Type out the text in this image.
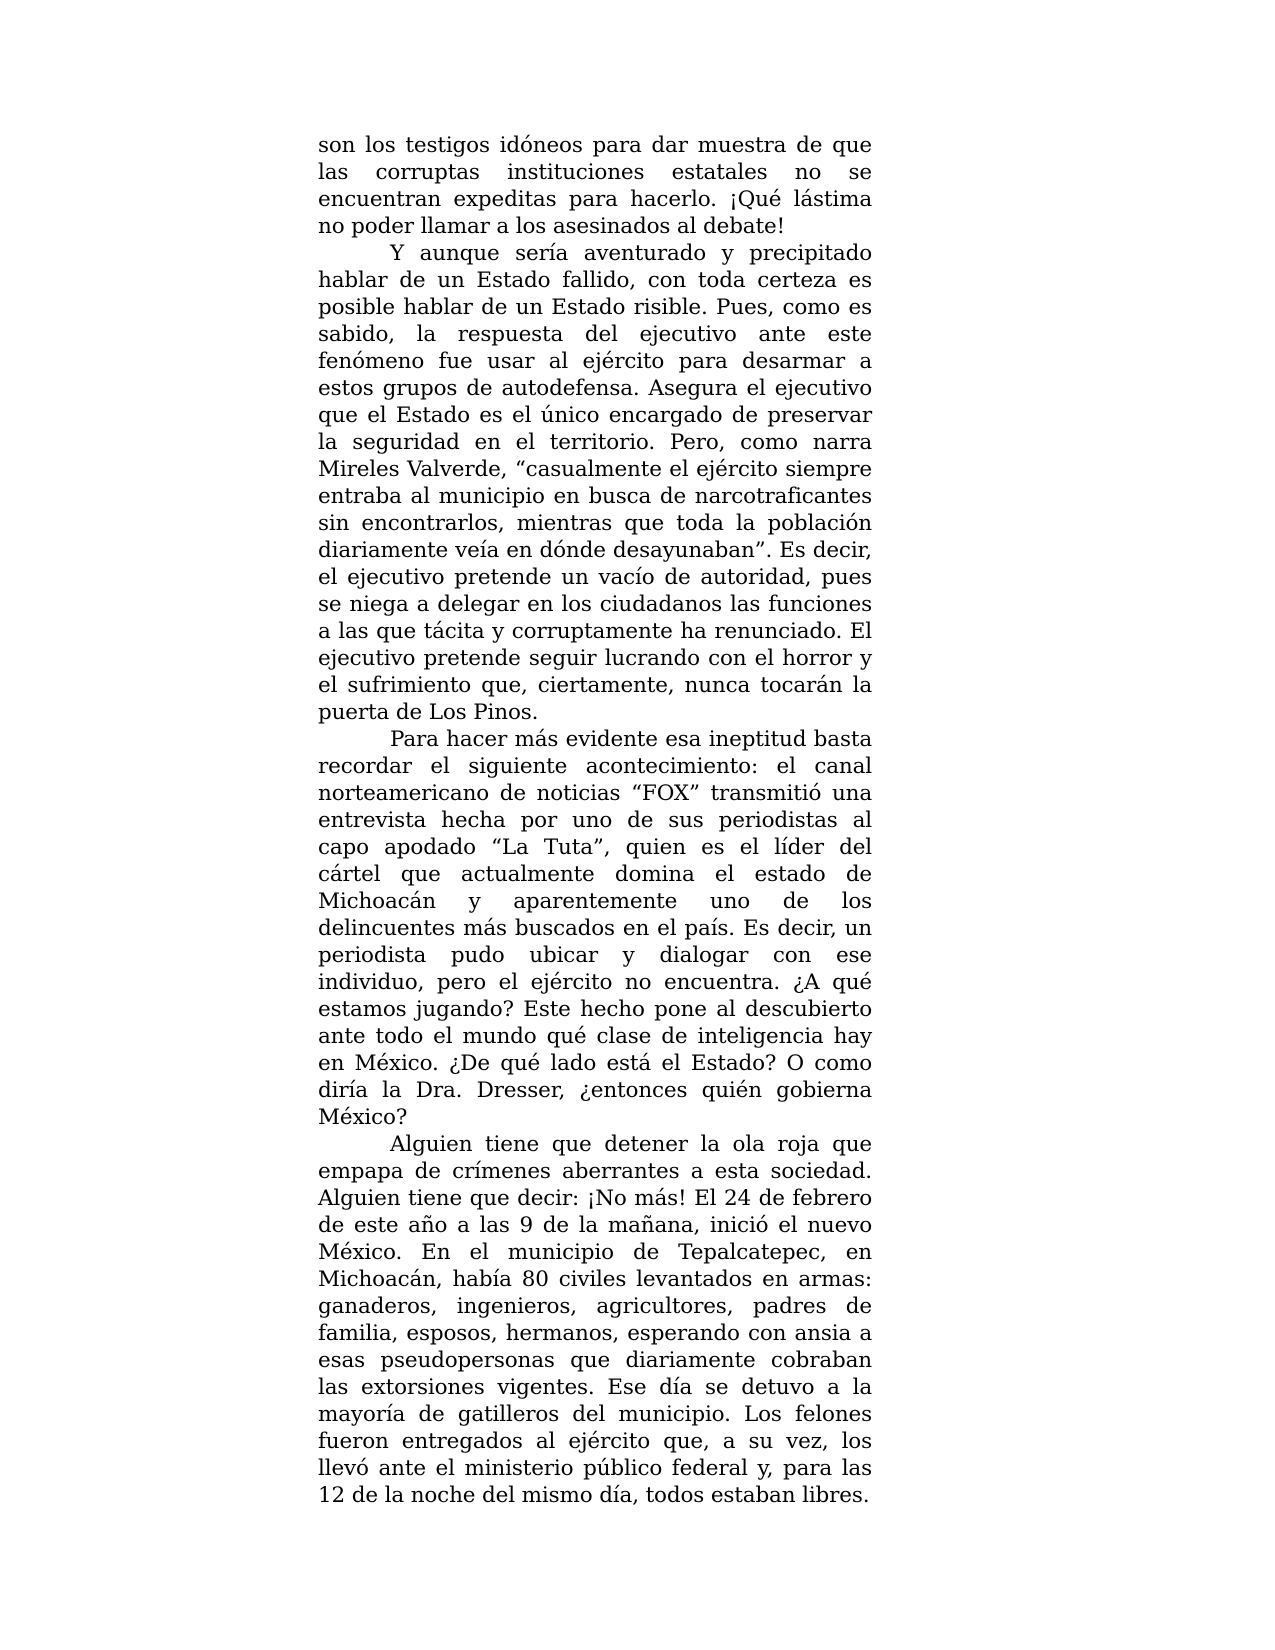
son los testigos idóneos para dar muestra de que las corruptas instituciones estatales no se encuentran expeditas para hacerlo. ¡Qué lástima no poder llamar a los asesinados al debate!

Y aunque sería aventurado y precipitado hablar de un Estado fallido, con toda certeza es posible hablar de un Estado risible. Pues, como es sabido, la respuesta del ejecutivo ante este fenómeno fue usar al ejército para desarmar a estos grupos de autodefensa. Asegura el ejecutivo que el Estado es el único encargado de preservar la seguridad en el territorio. Pero, como narra Mireles Valverde, “casualmente el ejército siempre entraba al municipio en busca de narcotraficantes sin encontrarlos, mientras que toda la población diariamente veía en dónde desayunaban”. Es decir, el ejecutivo pretende un vacío de autoridad, pues se niega a delegar en los ciudadanos las funciones a las que tácita y corruptamente ha renunciado. El ejecutivo pretende seguir lucrando con el horror y el sufrimiento que, ciertamente, nunca tocarán la puerta de Los Pinos.

Para hacer más evidente esa ineptitud basta recordar el siguiente acontecimiento: el canal norteamericano de noticias “FOX” transmitió una entrevista hecha por uno de sus periodistas al capo apodado “La Tuta”, quien es el líder del cártel que actualmente domina el estado de Michoacán y aparentemente uno de los delincuentes más buscados en el país. Es decir, un periodista pudo ubicar y dialogar con ese individuo, pero el ejército no encuentra. ¿A qué estamos jugando? Este hecho pone al descubierto ante todo el mundo qué clase de inteligencia hay en México. ¿De qué lado está el Estado? O como diría la Dra. Dresser, ¿entonces quién gobierna México?

Alguien tiene que detener la ola roja que empapa de crímenes aberrantes a esta sociedad. Alguien tiene que decir: ¡No más! El 24 de febrero de este año a las 9 de la mañana, inició el nuevo México. En el municipio de Tepalcatepec, en Michoacán, había 80 civiles levantados en armas: ganaderos, ingenieros, agricultores, padres de familia, esposos, hermanos, esperando con ansia a esas pseudopersonas que diariamente cobraban las extorsiones vigentes. Ese día se detuvo a la mayoría de gatilleros del municipio. Los felones fueron entregados al ejército que, a su vez, los llevó ante el ministerio público federal y, para las 12 de la noche del mismo día, todos estaban libres.
